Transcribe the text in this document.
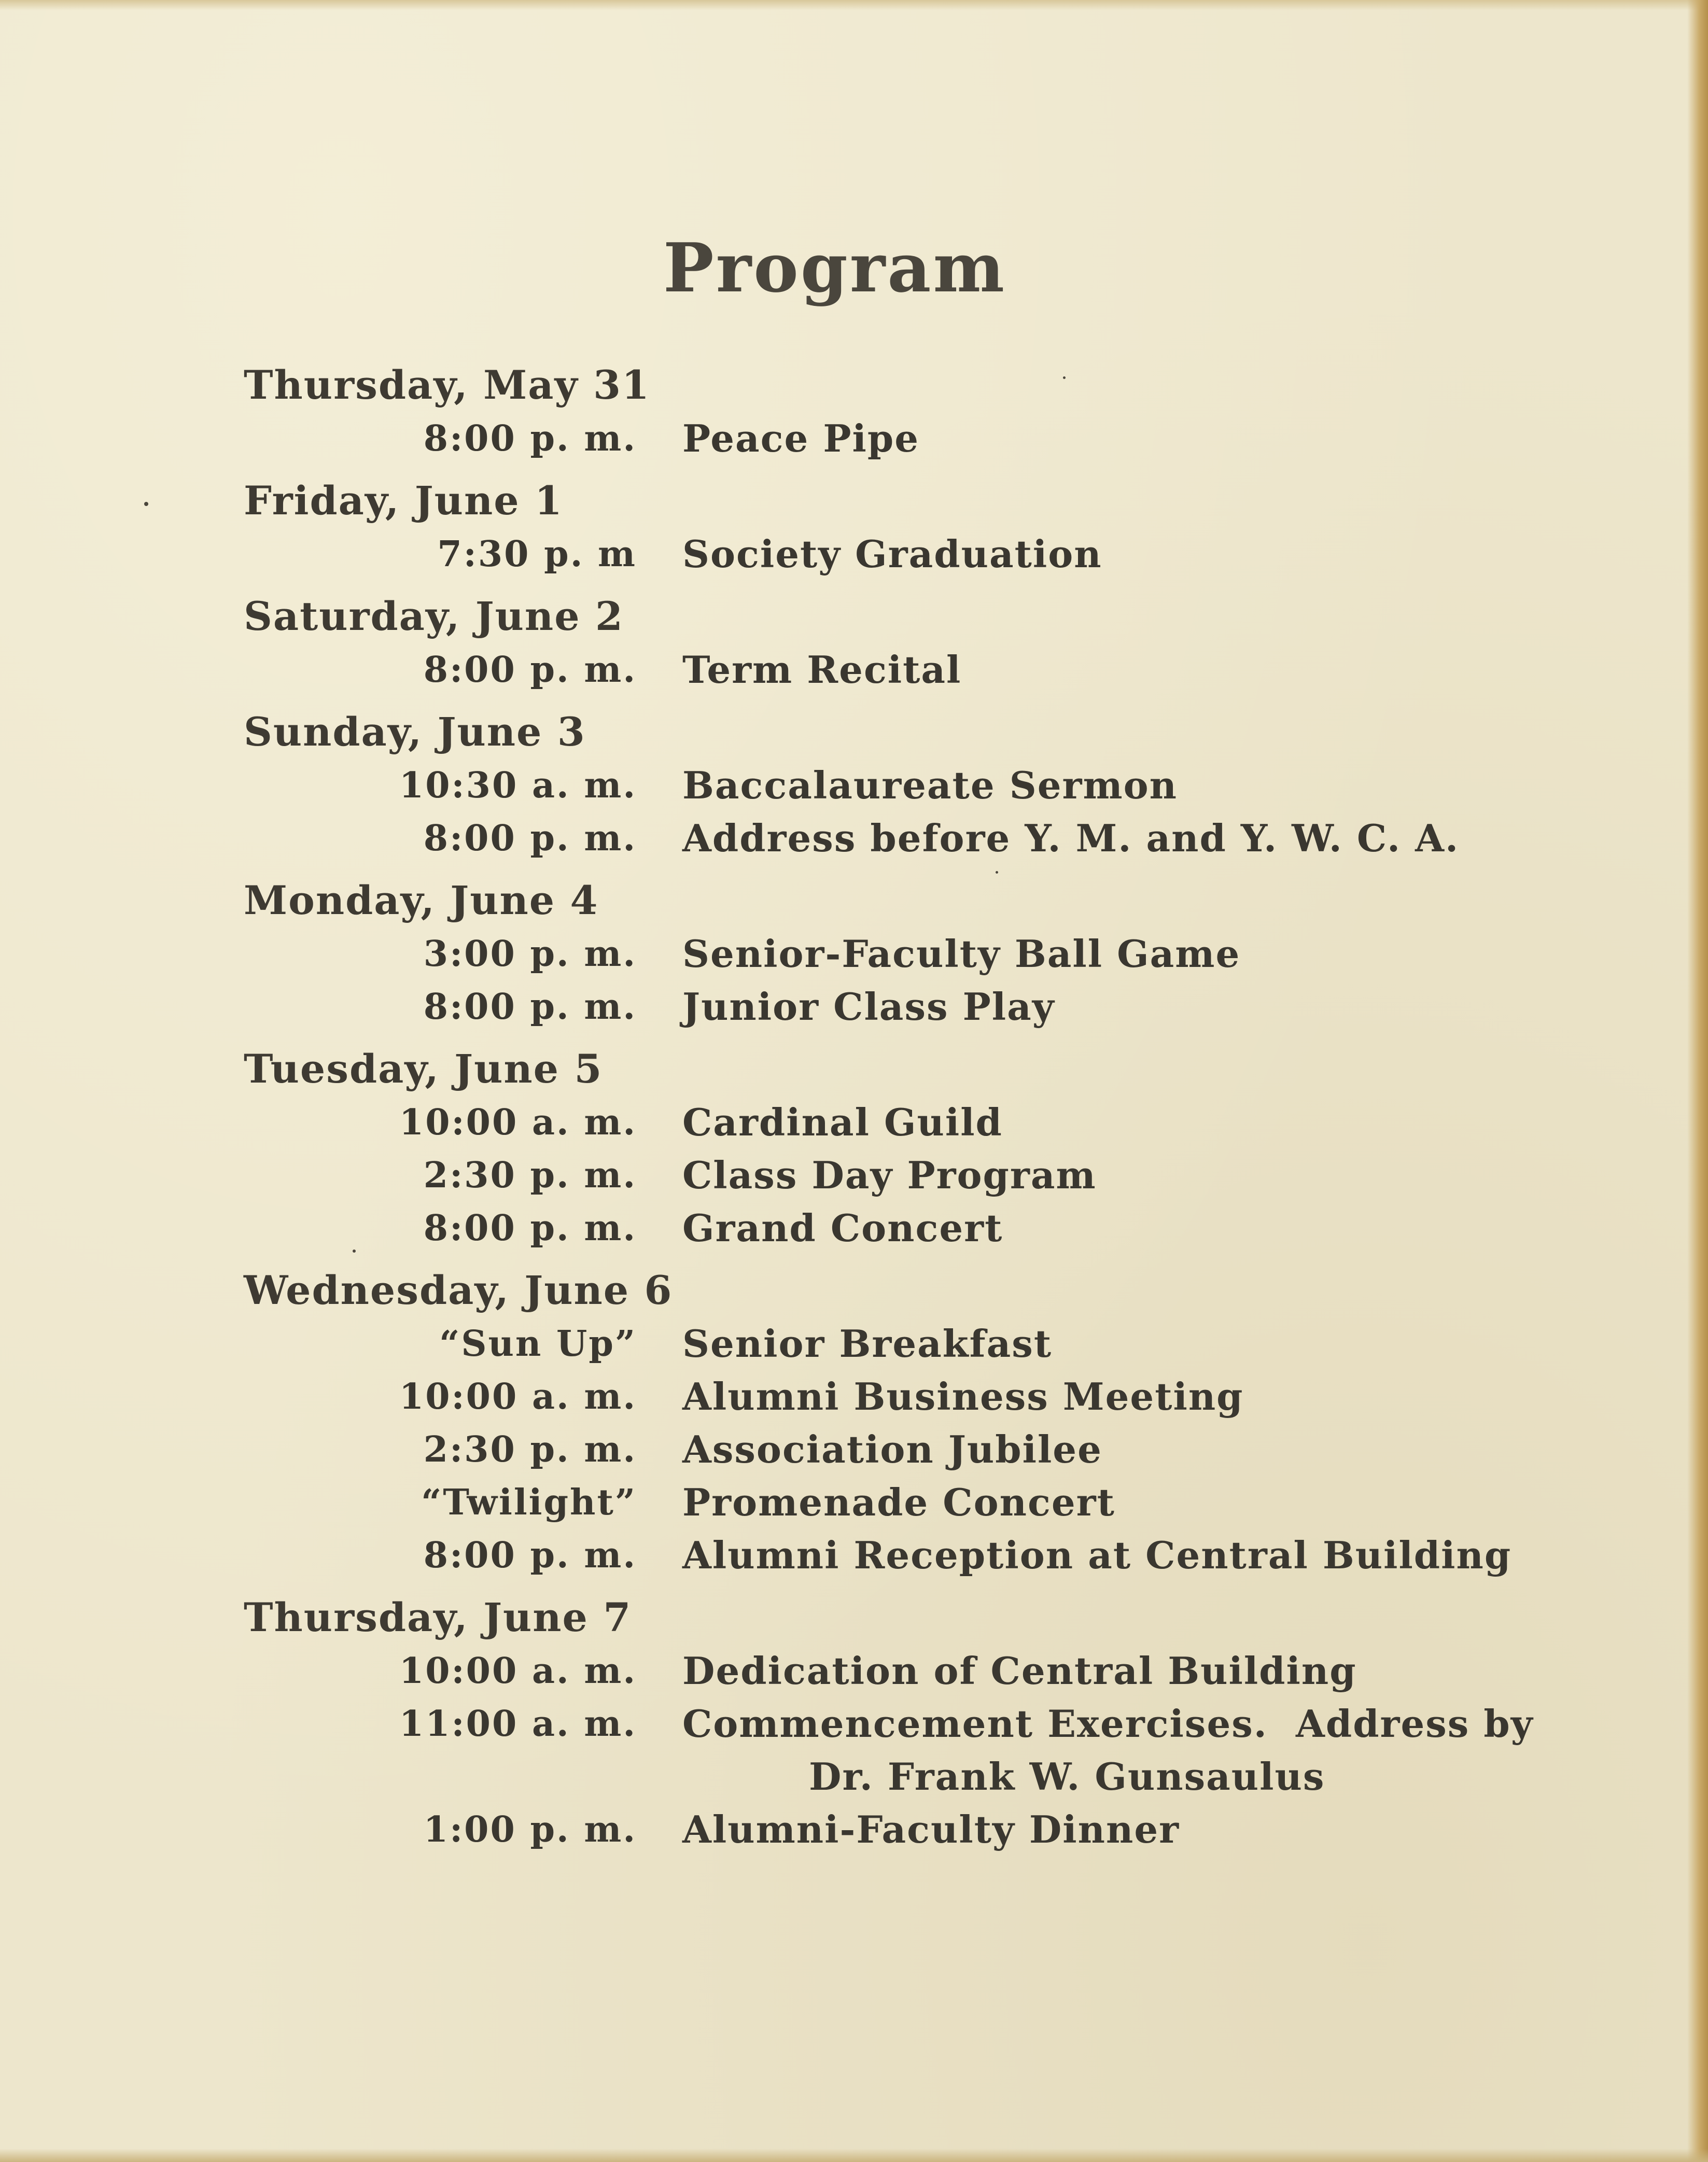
Program
Thursday, May 31
8:00 p. m.	Peace Pipe
Friday, June 1
7:30 p. m	Society Graduation
Saturday, June 2
8:00 p. m.	Term Recital
Sunday, June 3
10:30 a. m.	Baccalaureate Sermon
8:00 p. m.	Address before Y. M. and Y. W. C. A.
Monday, June 4
3:00 p. m.	Senior-Faculty Ball Game
8:00 p. m.	Junior Class Play
Tuesday, June 5
10:00 a. m.	Cardinal Guild
2:30 p. m.	Class Day Program
8:00 p. m.	Grand Concert
Wednesday, June 6
“Sun Up”	Senior Breakfast
10:00 a. m.	Alumni Business Meeting
2:30 p. m.	Association Jubilee
“Twilight”	Promenade Concert
8:00 p. m.	Alumni Reception at Central Building
Thursday, June 7
10:00 a. m.	Dedication of Central Building
11:00 a. m.	Commencement Exercises.  Address by
Dr. Frank W. Gunsaulus
1:00 p. m.	Alumni-Faculty Dinner
